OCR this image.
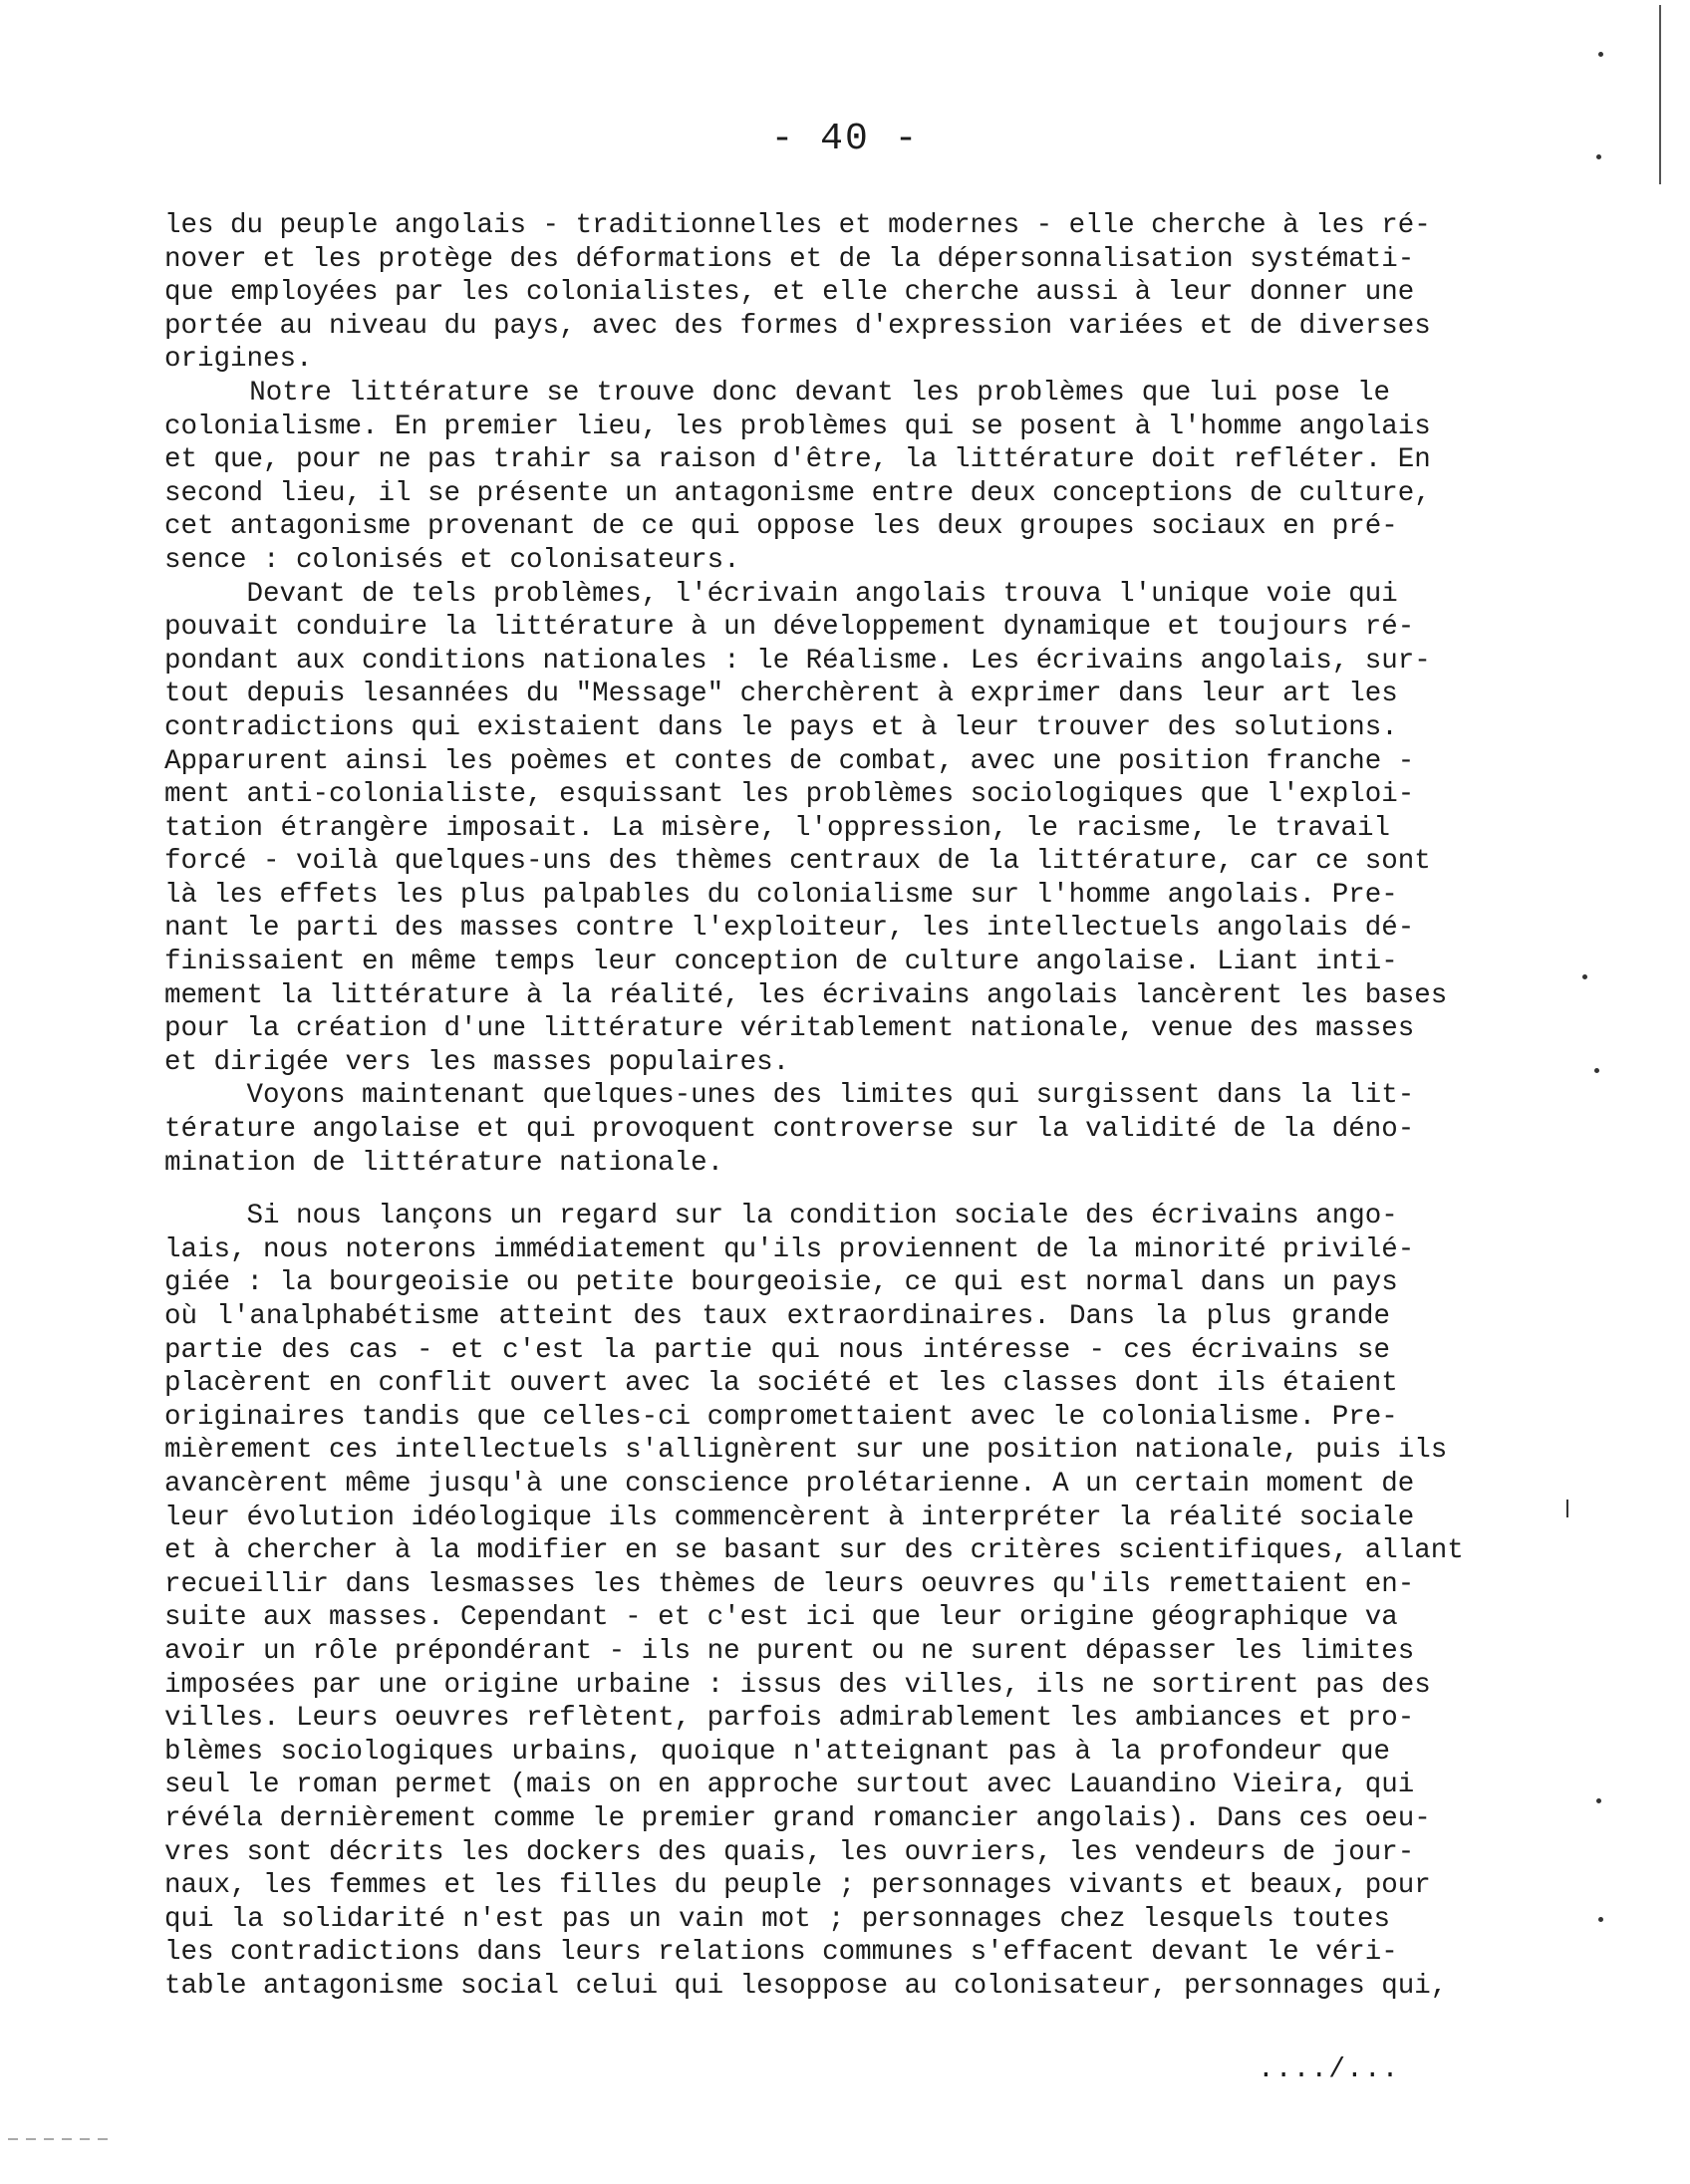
- 40 -
les du peuple angolais - traditionnelles et modernes - elle cherche à les ré-
nover et les protège des déformations et de la dépersonnalisation systémati-
que employées par les colonialistes, et elle cherche aussi à leur donner une
portée au niveau du pays, avec des formes d'expression variées et de diverses
origines.
Notre littérature se trouve donc devant les problèmes que lui pose le
colonialisme. En premier lieu, les problèmes qui se posent à l'homme angolais
et que, pour ne pas trahir sa raison d'être, la littérature doit refléter. En
second lieu, il se présente un antagonisme entre deux conceptions de culture,
cet antagonisme provenant de ce qui oppose les deux groupes sociaux en pré-
sence : colonisés et colonisateurs.
Devant de tels problèmes, l'écrivain angolais trouva l'unique voie qui
pouvait conduire la littérature à un développement dynamique et toujours ré-
pondant aux conditions nationales : le Réalisme. Les écrivains angolais, sur-
tout depuis lesannées du "Message" cherchèrent à exprimer dans leur art les
contradictions qui existaient dans le pays et à leur trouver des solutions.
Apparurent ainsi les poèmes et contes de combat, avec une position franche -
ment anti-colonialiste, esquissant les problèmes sociologiques que l'exploi-
tation étrangère imposait. La misère, l'oppression, le racisme, le travail
forcé - voilà quelques-uns des thèmes centraux de la littérature, car ce sont
là les effets les plus palpables du colonialisme sur l'homme angolais. Pre-
nant le parti des masses contre l'exploiteur, les intellectuels angolais dé-
finissaient en même temps leur conception de culture angolaise. Liant inti-
mement la littérature à la réalité, les écrivains angolais lancèrent les bases
pour la création d'une littérature véritablement nationale, venue des masses
et dirigée vers les masses populaires.
Voyons maintenant quelques-unes des limites qui surgissent dans la lit-
térature angolaise et qui provoquent controverse sur la validité de la déno-
mination de littérature nationale.
Si nous lançons un regard sur la condition sociale des écrivains ango-
lais, nous noterons immédiatement qu'ils proviennent de la minorité privilé-
giée : la bourgeoisie ou petite bourgeoisie, ce qui est normal dans un pays
où l'analphabétisme atteint des taux extraordinaires. Dans la plus grande
partie des cas - et c'est la partie qui nous intéresse - ces écrivains se
placèrent en conflit ouvert avec la société et les classes dont ils étaient
originaires tandis que celles-ci compromettaient avec le colonialisme. Pre-
mièrement ces intellectuels s'allignèrent sur une position nationale, puis ils
avancèrent même jusqu'à une conscience prolétarienne. A un certain moment de
leur évolution idéologique ils commencèrent à interpréter la réalité sociale
et à chercher à la modifier en se basant sur des critères scientifiques, allant
recueillir dans lesmasses les thèmes de leurs oeuvres qu'ils remettaient en-
suite aux masses. Cependant - et c'est ici que leur origine géographique va
avoir un rôle prépondérant - ils ne purent ou ne surent dépasser les limites
imposées par une origine urbaine : issus des villes, ils ne sortirent pas des
villes. Leurs oeuvres reflètent, parfois admirablement les ambiances et pro-
blèmes sociologiques urbains, quoique n'atteignant pas à la profondeur que
seul le roman permet (mais on en approche surtout avec Lauandino Vieira, qui
révéla dernièrement comme le premier grand romancier angolais). Dans ces oeu-
vres sont décrits les dockers des quais, les ouvriers, les vendeurs de jour-
naux, les femmes et les filles du peuple ; personnages vivants et beaux, pour
qui la solidarité n'est pas un vain mot ; personnages chez lesquels toutes
les contradictions dans leurs relations communes s'effacent devant le véri-
table antagonisme social celui qui lesoppose au colonisateur, personnages qui,
..../...
